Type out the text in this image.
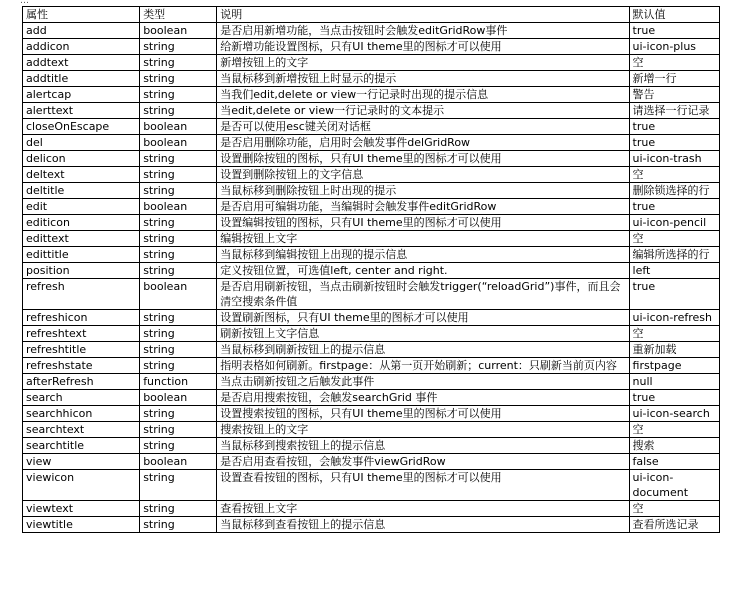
…
属性	类型	说明	默认值
add	boolean	是否启用新增功能，当点击按钮时会触发editGridRow事件	true
addicon	string	给新增功能设置图标，只有UI theme里的图标才可以使用	ui-icon-plus
addtext	string	新增按钮上的文字	空
addtitle	string	当鼠标移到新增按钮上时显示的提示	新增一行
alertcap	string	当我们edit,delete or view一行记录时出现的提示信息	警告
alerttext	string	当edit,delete or view一行记录时的文本提示	请选择一行记录
closeOnEscape	boolean	是否可以使用esc键关闭对话框	true
del	boolean	是否启用删除功能，启用时会触发事件delGridRow	true
delicon	string	设置删除按钮的图标，只有UI theme里的图标才可以使用	ui-icon-trash
deltext	string	设置到删除按钮上的文字信息	空
deltitle	string	当鼠标移到删除按钮上时出现的提示	删除锁选择的行
edit	boolean	是否启用可编辑功能，当编辑时会触发事件editGridRow	true
editicon	string	设置编辑按钮的图标，只有UI theme里的图标才可以使用	ui-icon-pencil
edittext	string	编辑按钮上文字	空
edittitle	string	当鼠标移到编辑按钮上出现的提示信息	编辑所选择的行
position	string	定义按钮位置，可选值left, center and right.	left
refresh	boolean	是否启用刷新按钮，当点击刷新按钮时会触发trigger(“reloadGrid”)事件，而且会清空搜索条件值	true
refreshicon	string	设置刷新图标，只有UI theme里的图标才可以使用	ui-icon-refresh
refreshtext	string	刷新按钮上文字信息	空
refreshtitle	string	当鼠标移到刷新按钮上的提示信息	重新加载
refreshstate	string	指明表格如何刷新。firstpage：从第一页开始刷新；current：只刷新当前页内容	firstpage
afterRefresh	function	当点击刷新按钮之后触发此事件	null
search	boolean	是否启用搜索按钮，会触发searchGrid 事件	true
searchhicon	string	设置搜索按钮的图标，只有UI theme里的图标才可以使用	ui-icon-search
searchtext	string	搜索按钮上的文字	空
searchtitle	string	当鼠标移到搜索按钮上的提示信息	搜索
view	boolean	是否启用查看按钮，会触发事件viewGridRow	false
viewicon	string	设置查看按钮的图标，只有UI theme里的图标才可以使用	ui-icon-document
viewtext	string	查看按钮上文字	空
viewtitle	string	当鼠标移到查看按钮上的提示信息	查看所选记录
